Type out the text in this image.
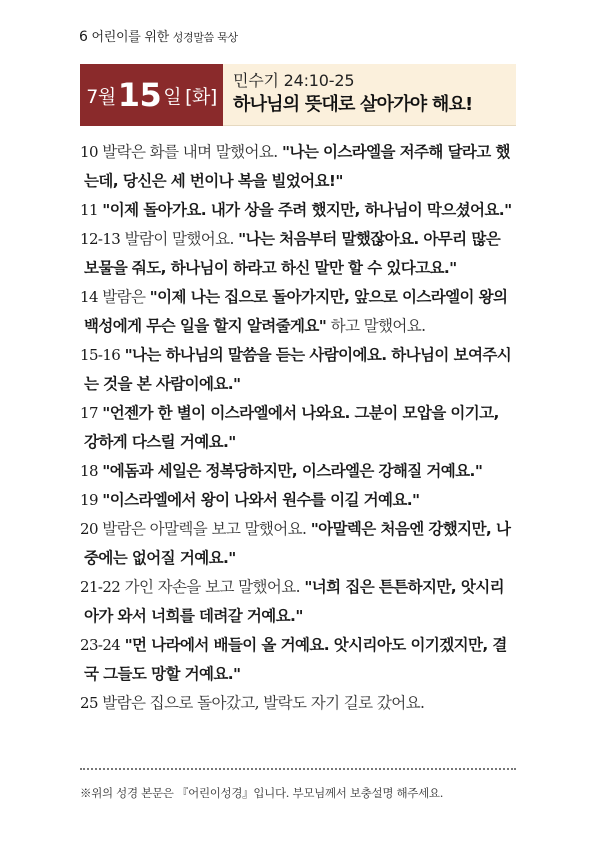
6 어린이를 위한 성경말씀 묵상
7월 15 일 [화]
민수기 24:10-25
하나님의 뜻대로 살아가야 해요!
10 발락은 화를 내며 말했어요. "나는 이스라엘을 저주해 달라고 했는데, 당신은 세 번이나 복을 빌었어요!"
11 "이제 돌아가요. 내가 상을 주려 했지만, 하나님이 막으셨어요."
12-13 발람이 말했어요. "나는 처음부터 말했잖아요. 아무리 많은 보물을 줘도, 하나님이 하라고 하신 말만 할 수 있다고요."
14 발람은 "이제 나는 집으로 돌아가지만, 앞으로 이스라엘이 왕의 백성에게 무슨 일을 할지 알려줄게요" 하고 말했어요.
15-16 "나는 하나님의 말씀을 듣는 사람이에요. 하나님이 보여주시는 것을 본 사람이에요."
17 "언젠가 한 별이 이스라엘에서 나와요. 그분이 모압을 이기고, 강하게 다스릴 거예요."
18 "에돔과 세일은 정복당하지만, 이스라엘은 강해질 거예요."
19 "이스라엘에서 왕이 나와서 원수를 이길 거예요."
20 발람은 아말렉을 보고 말했어요. "아말렉은 처음엔 강했지만, 나중에는 없어질 거예요."
21-22 가인 자손을 보고 말했어요. "너희 집은 튼튼하지만, 앗시리아가 와서 너희를 데려갈 거예요."
23-24 "먼 나라에서 배들이 올 거예요. 앗시리아도 이기겠지만, 결국 그들도 망할 거예요."
25 발람은 집으로 돌아갔고, 발락도 자기 길로 갔어요.
※위의 성경 본문은 『어린이성경』입니다. 부모님께서 보충설명 해주세요.
